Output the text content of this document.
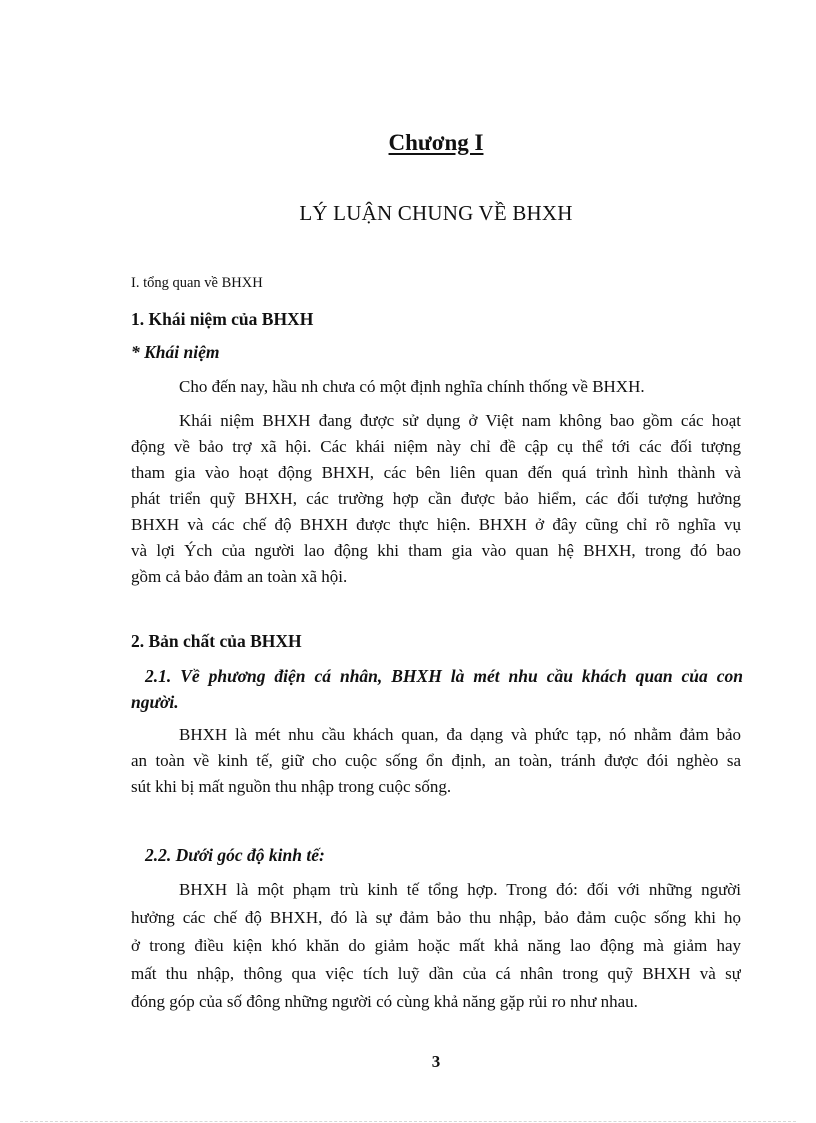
Chương I
LÝ LUẬN CHUNG VỀ BHXH
I. tổng quan về BHXH
1. Khái niệm của BHXH
* Khái niệm
Cho đến nay, hầu nh chưa có một định nghĩa chính thống về BHXH.
Khái niệm BHXH đang được sử dụng ở Việt nam không bao gồm các hoạt
động về bảo trợ xã hội. Các khái niệm này chỉ đề cập cụ thể tới các đối tượng
tham gia vào hoạt động BHXH, các bên liên quan đến quá trình hình thành và
phát triển quỹ BHXH, các trường hợp cần được bảo hiểm, các đối tượng hưởng
BHXH và các chế độ BHXH được thực hiện. BHXH ở đây cũng chỉ rõ nghĩa vụ
và lợi Ých của người lao động khi tham gia vào quan hệ BHXH, trong đó bao
gồm cả bảo đảm an toàn xã hội.
2. Bản chất của BHXH
2.1. Về phương điện cá nhân, BHXH là mét nhu cầu khách quan của con
người.
BHXH là mét nhu cầu khách quan, đa dạng và phức tạp, nó nhằm đảm bảo
an toàn về kinh tế, giữ cho cuộc sống ổn định, an toàn, tránh được đói nghèo sa
sút khi bị mất nguồn thu nhập trong cuộc sống.
2.2. Dưới góc độ kinh tế:
BHXH là một phạm trù kinh tế tổng hợp. Trong đó: đối với những người
hưởng các chế độ BHXH, đó là sự đảm bảo thu nhập, bảo đảm cuộc sống khi họ
ở trong điều kiện khó khăn do giảm hoặc mất khả năng lao động mà giảm hay
mất thu nhập, thông qua việc tích luỹ dần của cá nhân trong quỹ BHXH và sự
đóng góp của số đông những người có cùng khả năng gặp rủi ro như nhau.
3
